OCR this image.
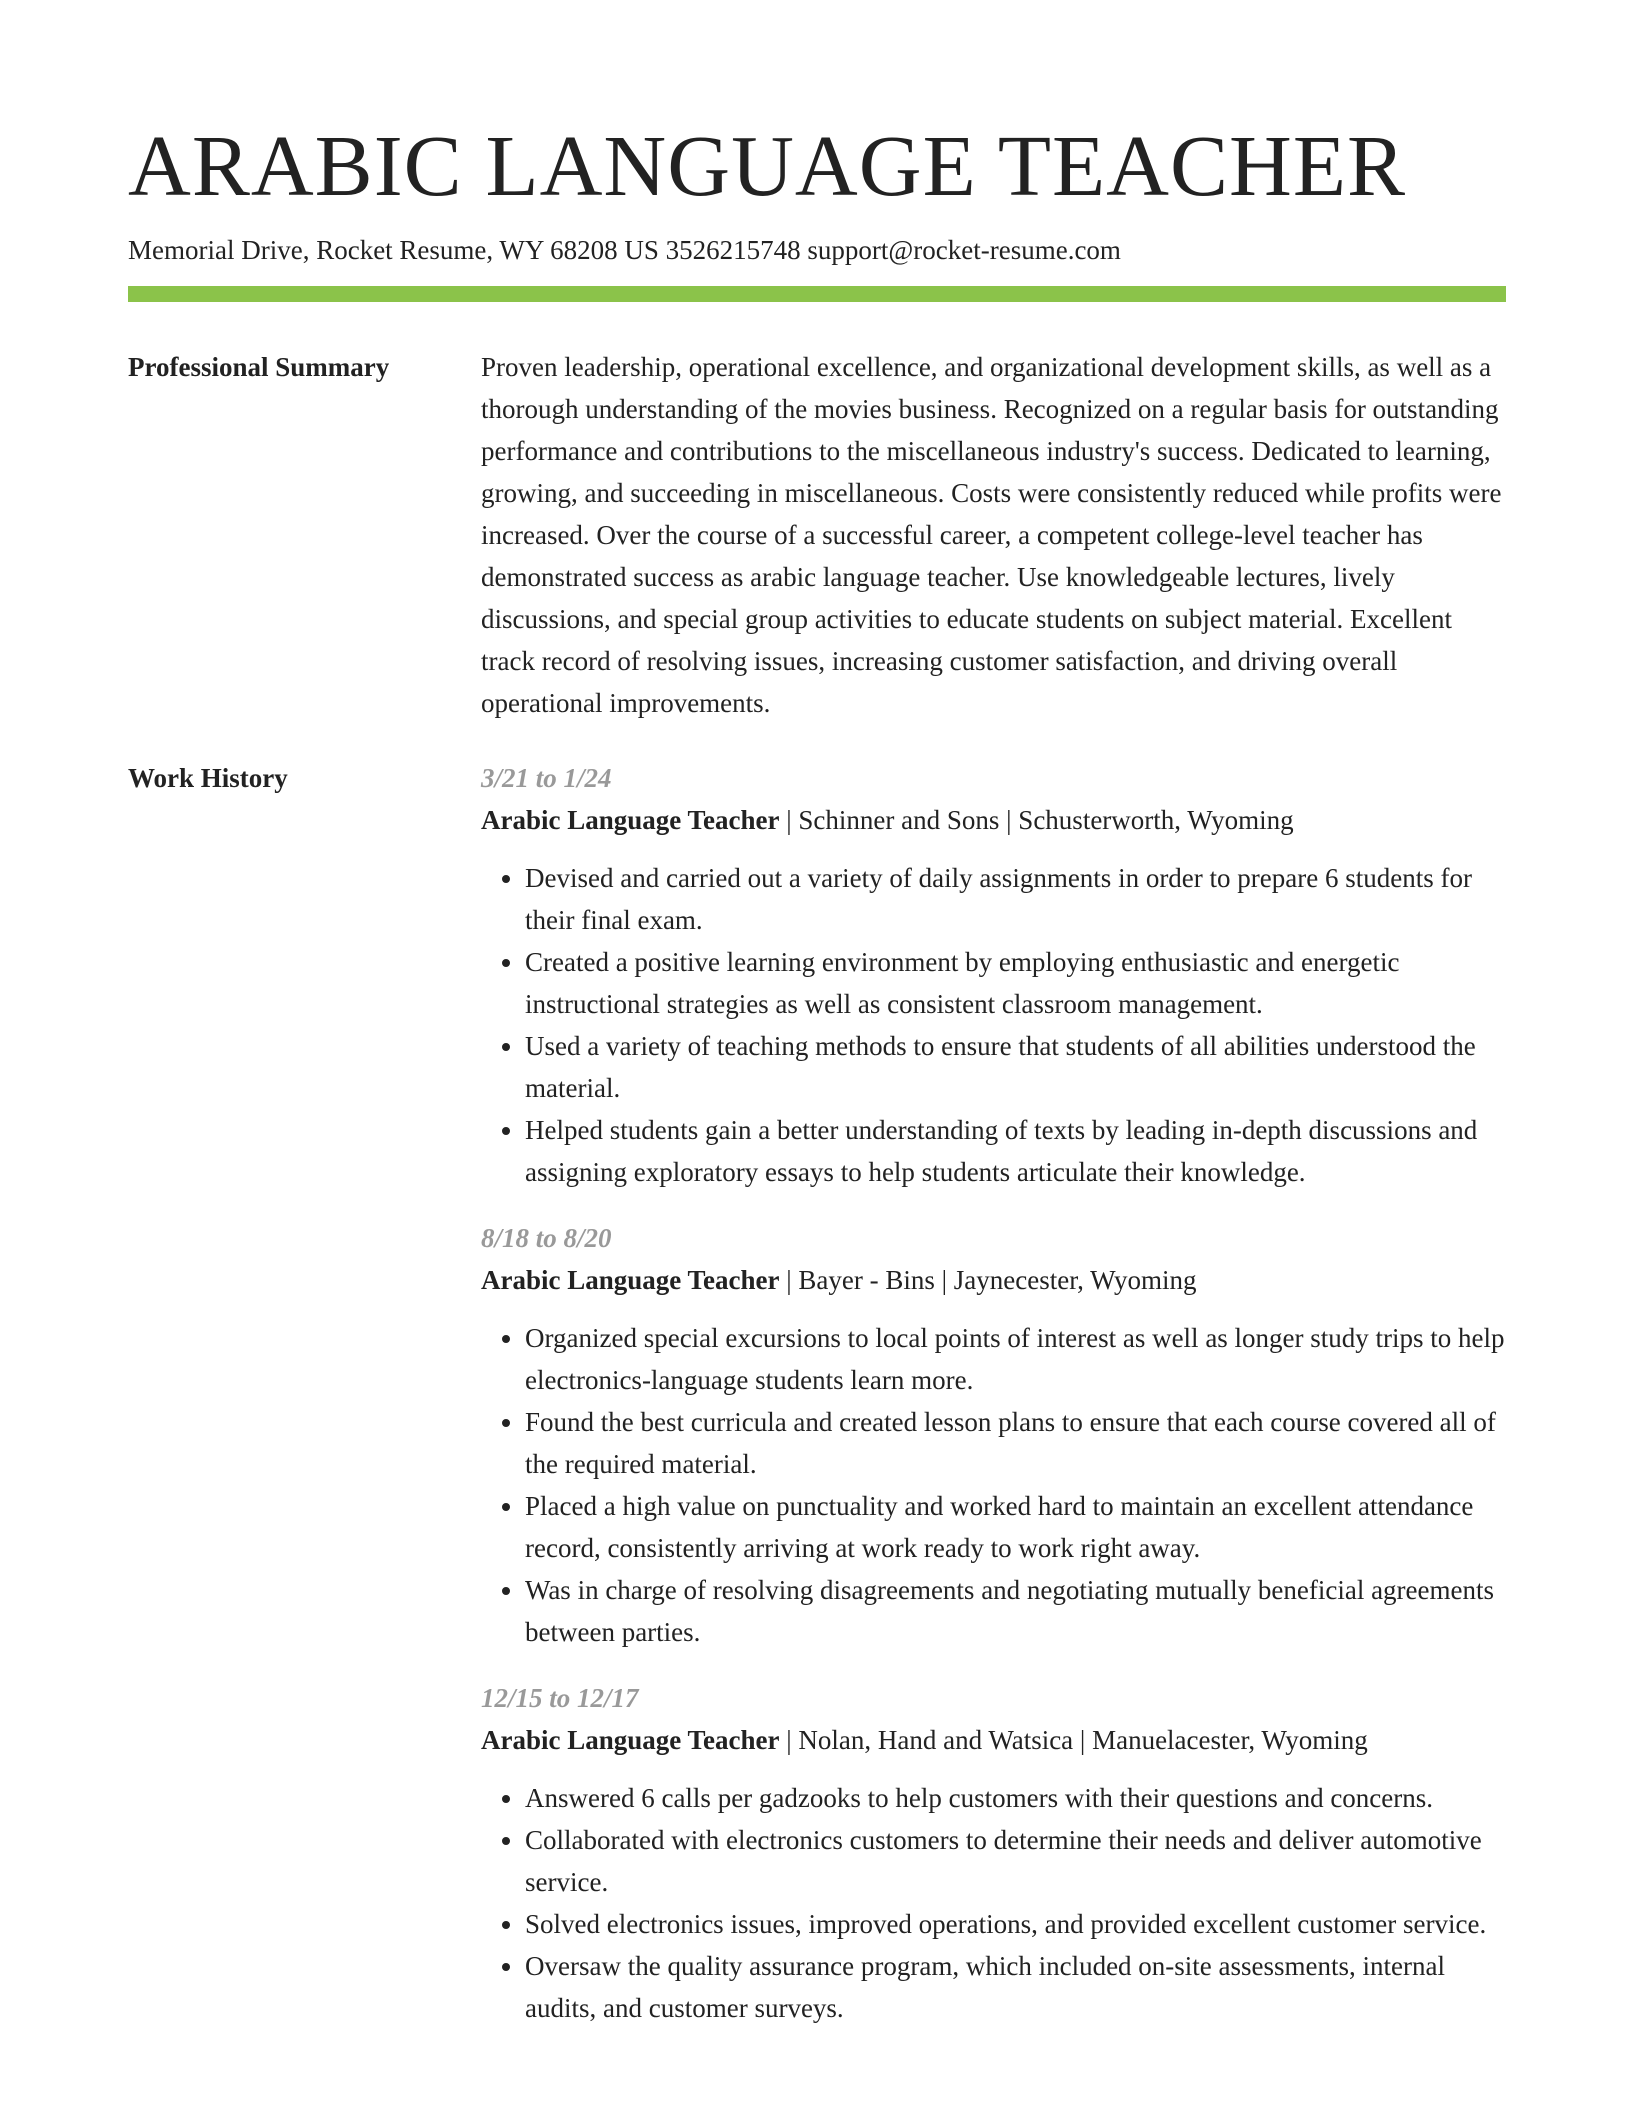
ARABIC LANGUAGE TEACHER
Memorial Drive, Rocket Resume, WY 68208 US 3526215748 support@rocket-resume.com
Professional Summary	Proven leadership, operational excellence, and organizational development skills, as well as a thorough understanding of the movies business. Recognized on a regular basis for outstanding performance and contributions to the miscellaneous industry's success. Dedicated to learning, growing, and succeeding in miscellaneous. Costs were consistently reduced while profits were increased. Over the course of a successful career, a competent college-level teacher has demonstrated success as arabic language teacher. Use knowledgeable lectures, lively discussions, and special group activities to educate students on subject material. Excellent track record of resolving issues, increasing customer satisfaction, and driving overall operational improvements.

Work History	3/21 to 1/24
Arabic Language Teacher | Schinner and Sons | Schusterworth, Wyoming
• Devised and carried out a variety of daily assignments in order to prepare 6 students for their final exam.
• Created a positive learning environment by employing enthusiastic and energetic instructional strategies as well as consistent classroom management.
• Used a variety of teaching methods to ensure that students of all abilities understood the material.
• Helped students gain a better understanding of texts by leading in-depth discussions and assigning exploratory essays to help students articulate their knowledge.
8/18 to 8/20
Arabic Language Teacher | Bayer - Bins | Jaynecester, Wyoming
• Organized special excursions to local points of interest as well as longer study trips to help electronics-language students learn more.
• Found the best curricula and created lesson plans to ensure that each course covered all of the required material.
• Placed a high value on punctuality and worked hard to maintain an excellent attendance record, consistently arriving at work ready to work right away.
• Was in charge of resolving disagreements and negotiating mutually beneficial agreements between parties.
12/15 to 12/17
Arabic Language Teacher | Nolan, Hand and Watsica | Manuelacester, Wyoming
• Answered 6 calls per gadzooks to help customers with their questions and concerns.
• Collaborated with electronics customers to determine their needs and deliver automotive service.
• Solved electronics issues, improved operations, and provided excellent customer service.
• Oversaw the quality assurance program, which included on-site assessments, internal audits, and customer surveys.
